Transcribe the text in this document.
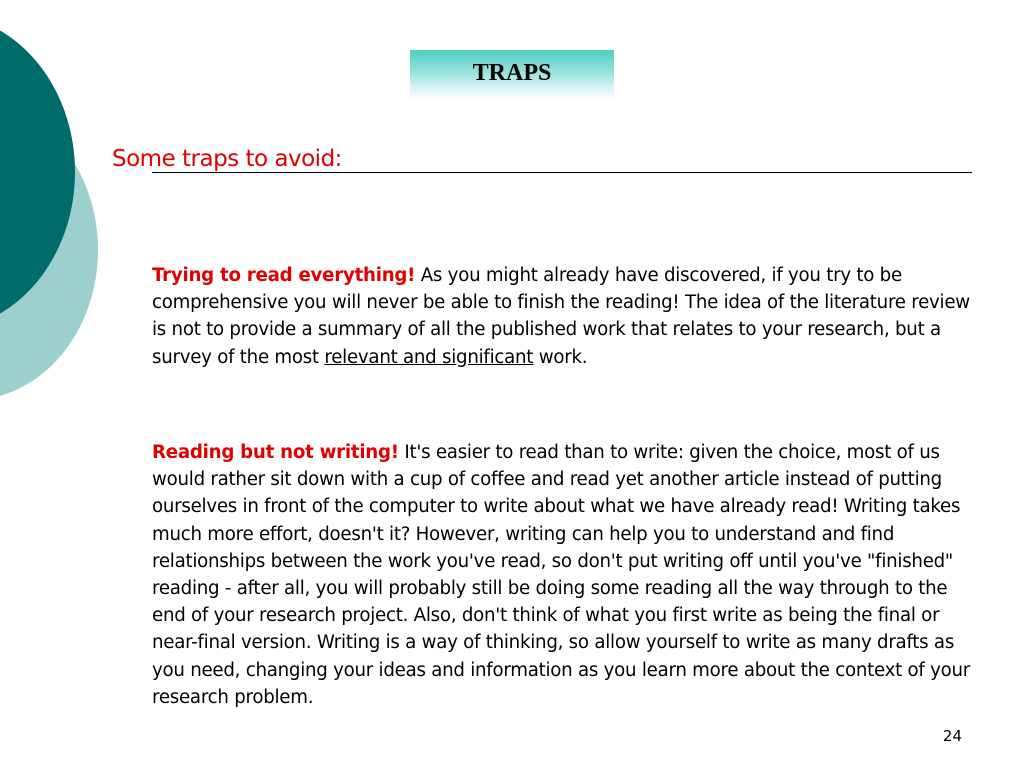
TRAPS
Some traps to avoid:
Trying to read everything! As you might already have discovered, if you try to be comprehensive you will never be able to finish the reading! The idea of the literature review is not to provide a summary of all the published work that relates to your research, but a survey of the most relevant and significant work.
Reading but not writing! It's easier to read than to write: given the choice, most of us would rather sit down with a cup of coffee and read yet another article instead of putting ourselves in front of the computer to write about what we have already read! Writing takes much more effort, doesn't it? However, writing can help you to understand and find relationships between the work you've read, so don't put writing off until you've "finished" reading - after all, you will probably still be doing some reading all the way through to the end of your research project. Also, don't think of what you first write as being the final or near-final version. Writing is a way of thinking, so allow yourself to write as many drafts as you need, changing your ideas and information as you learn more about the context of your research problem.
24
